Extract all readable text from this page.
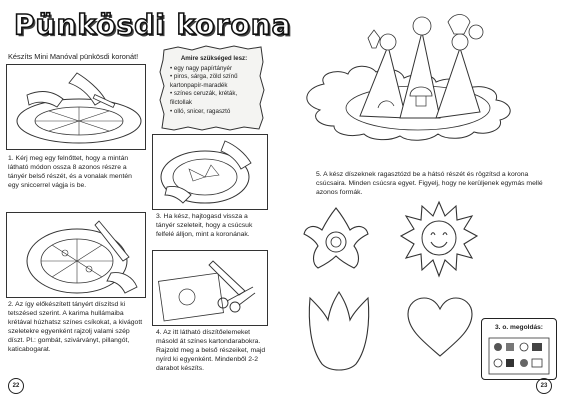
Pünkösdi korona
Készíts Mini Manóval pünkösdi koronát!	Amire szükséged lesz:
• egy nagy papírtányér
• piros, sárga, zöld színű kartonpapír-maradék
• színes ceruzák, kréták, filctollak
• olló, snicer, ragasztó
1. Kérj meg egy felnőttet, hogy a mintán látható módon ossza 8 azonos részre a tányér belső részét, és a vonalak mentén egy sniccerrel vágja is be.
2. Az így előkészített tányért díszítsd ki tetszésed szerint. A karima hullámaiba krétával húzhatsz színes csíkokat, a kivágott szeletekre egyenként rajzolj valami szép díszt. Pl.: gombát, szivárványt, pillangót, katicabogarat.
3. Ha kész, hajtogasd vissza a tányér szeleteit, hogy a csúcsuk felfelé álljon, mint a koronának.
4. Az itt látható díszítőelemeket másold át színes kartondarabokra. Rajzold meg a belső részeiket, majd nyírd ki egyenként. Mindenből 2-2 darabot készíts.
22
5. A kész díszeknek ragasztózd be a hátsó részét és rögzítsd a korona csúcsaira. Minden csúcsra egyet. Figyelj, hogy ne kerüljenek egymás mellé azonos formák.
3. o. megoldás:
23
